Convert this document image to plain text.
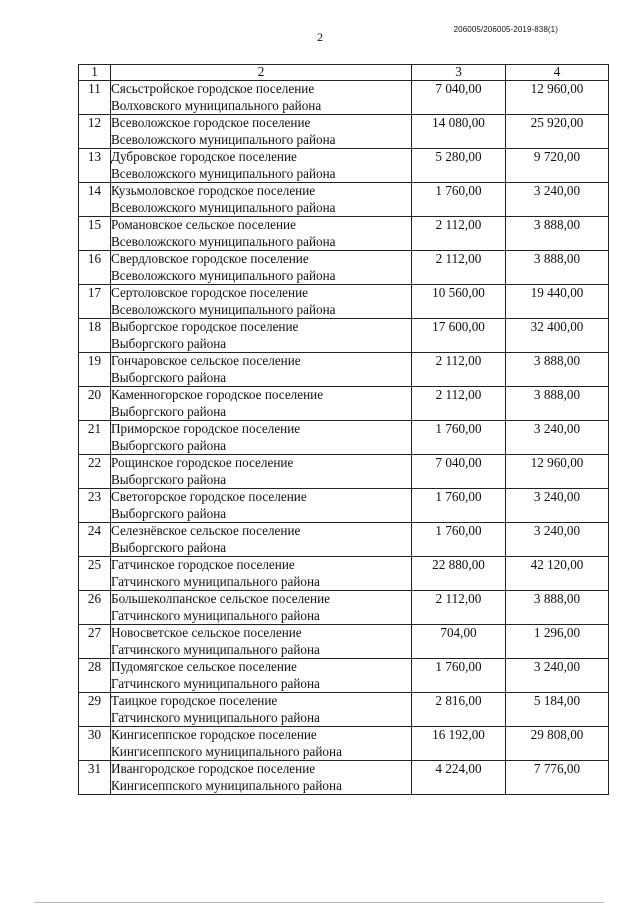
2
206005/206005-2019-838(1)
1	2	3	4
11	Сясьстройское городское поселение
Волховского муниципального района	7 040,00	12 960,00
12	Всеволожское городское поселение
Всеволожского муниципального района	14 080,00	25 920,00
13	Дубровское городское поселение
Всеволожского муниципального района	5 280,00	9 720,00
14	Кузьмоловское городское поселение
Всеволожского муниципального района	1 760,00	3 240,00
15	Романовское сельское поселение
Всеволожского муниципального района	2 112,00	3 888,00
16	Свердловское городское поселение
Всеволожского муниципального района	2 112,00	3 888,00
17	Сертоловское городское поселение
Всеволожского муниципального района	10 560,00	19 440,00
18	Выборгское городское поселение
Выборгского района	17 600,00	32 400,00
19	Гончаровское сельское поселение
Выборгского района	2 112,00	3 888,00
20	Каменногорское городское поселение
Выборгского района	2 112,00	3 888,00
21	Приморское городское поселение
Выборгского района	1 760,00	3 240,00
22	Рощинское городское поселение
Выборгского района	7 040,00	12 960,00
23	Светогорское городское поселение
Выборгского района	1 760,00	3 240,00
24	Селезнёвское сельское поселение
Выборгского района	1 760,00	3 240,00
25	Гатчинское городское поселение
Гатчинского муниципального района	22 880,00	42 120,00
26	Большеколпанское сельское поселение
Гатчинского муниципального района	2 112,00	3 888,00
27	Новосветское сельское поселение
Гатчинского муниципального района	704,00	1 296,00
28	Пудомягское сельское поселение
Гатчинского муниципального района	1 760,00	3 240,00
29	Таицкое городское поселение
Гатчинского муниципального района	2 816,00	5 184,00
30	Кингисеппское городское поселение
Кингисеппского муниципального района	16 192,00	29 808,00
31	Ивангородское городское поселение
Кингисеппского муниципального района	4 224,00	7 776,00
